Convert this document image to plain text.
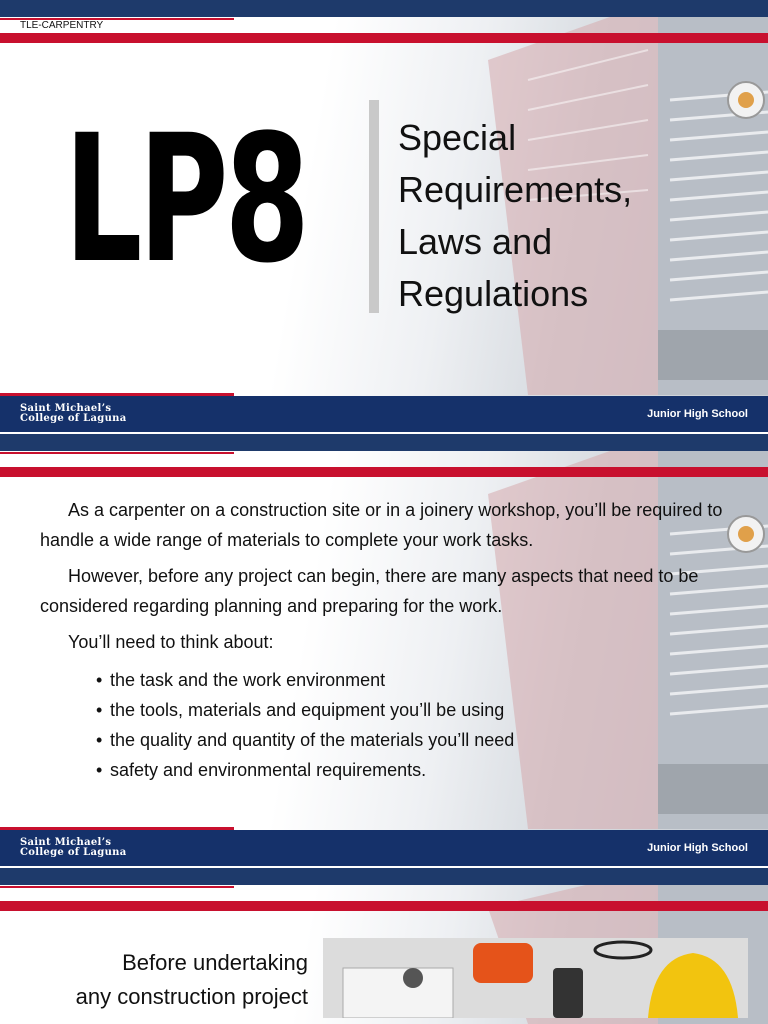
TLE-CARPENTRY
LP8	Special
Requirements,
Laws and
Regulations
Saint Michael’s
College of Laguna	Junior High School

As a carpenter on a construction site or in a joinery workshop, you’ll be required to handle a wide range of materials to complete your work tasks.

However, before any project can begin, there are many aspects that need to be considered regarding planning and preparing for the work.

You’ll need to think about:

• the task and the work environment
• the tools, materials and equipment you’ll be using
• the quality and quantity of the materials you’ll need
• safety and environmental requirements.
Saint Michael’s
College of Laguna	Junior High School
Before undertaking
any construction project
